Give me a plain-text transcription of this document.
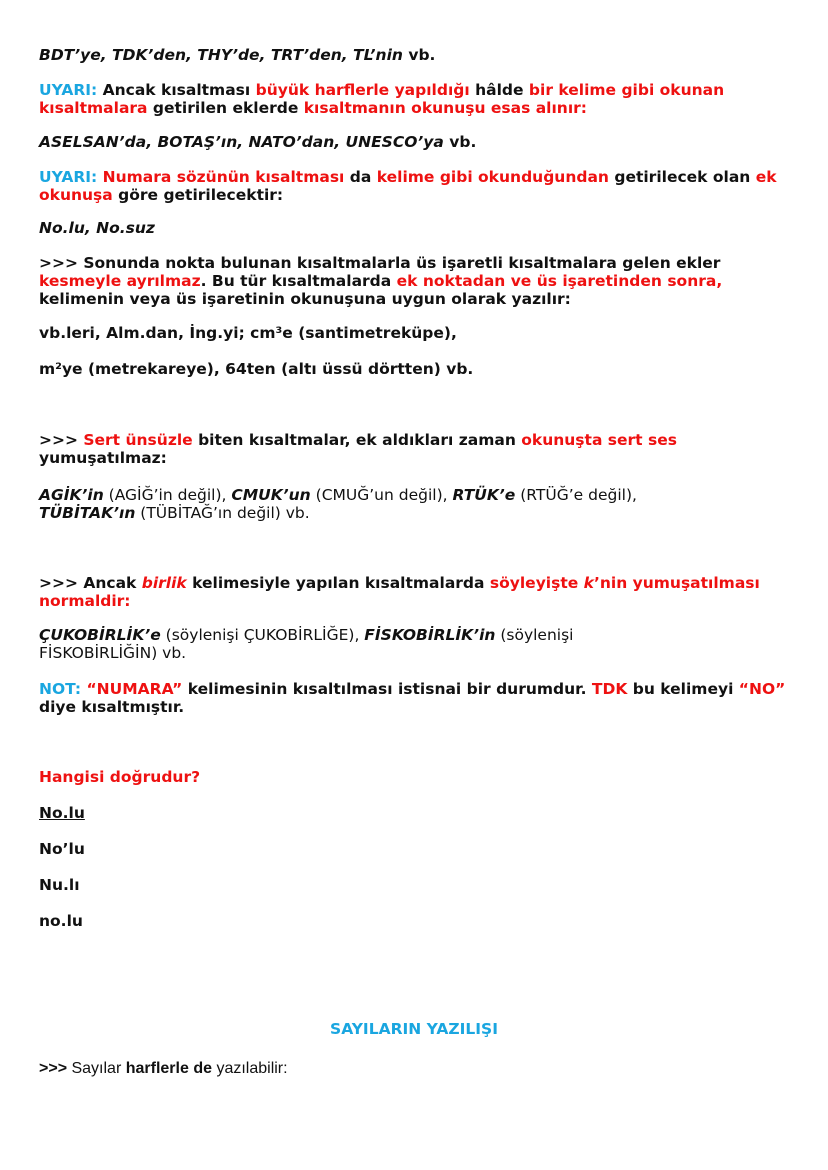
BDT’ye, TDK’den, THY’de, TRT’den, TL’nin vb.

UYARI: Ancak kısaltması büyük harflerle yapıldığı hâlde bir kelime gibi okunan kısaltmalara getirilen eklerde kısaltmanın okunuşu esas alınır:

ASELSAN’da, BOTAŞ’ın, NATO’dan, UNESCO’ya vb.

UYARI: Numara sözünün kısaltması da kelime gibi okunduğundan getirilecek olan ek okunuşa göre getirilecektir:

No.lu, No.suz

>>> Sonunda nokta bulunan kısaltmalarla üs işaretli kısaltmalara gelen ekler kesmeyle ayrılmaz. Bu tür kısaltmalarda ek noktadan ve üs işaretinden sonra, kelimenin veya üs işaretinin okunuşuna uygun olarak yazılır:

vb.leri, Alm.dan, İng.yi; cm³e (santimetreküpe),

m²ye (metrekareye), 64ten (altı üssü dörtten) vb.

>>> Sert ünsüzle biten kısaltmalar, ek aldıkları zaman okunuşta sert ses yumuşatılmaz:

AGİK’in (AGİĞ’in değil), CMUK’un (CMUĞ’un değil), RTÜK’e (RTÜĞ’e değil), TÜBİTAK’ın (TÜBİTAĞ’ın değil) vb.

>>> Ancak birlik kelimesiyle yapılan kısaltmalarda söyleyişte k’nin yumuşatılması normaldir:

ÇUKOBİRLİK’e (söylenişi ÇUKOBİRLİĞE), FİSKOBİRLİK’in (söylenişi FİSKOBİRLİĞİN) vb.

NOT: “NUMARA” kelimesinin kısaltılması istisnai bir durumdur. TDK bu kelimeyi “NO” diye kısaltmıştır.

Hangisi doğrudur?

No.lu

No’lu

Nu.lı

no.lu

SAYILARIN YAZILIŞI

>>> Sayılar harflerle de yazılabilir:
